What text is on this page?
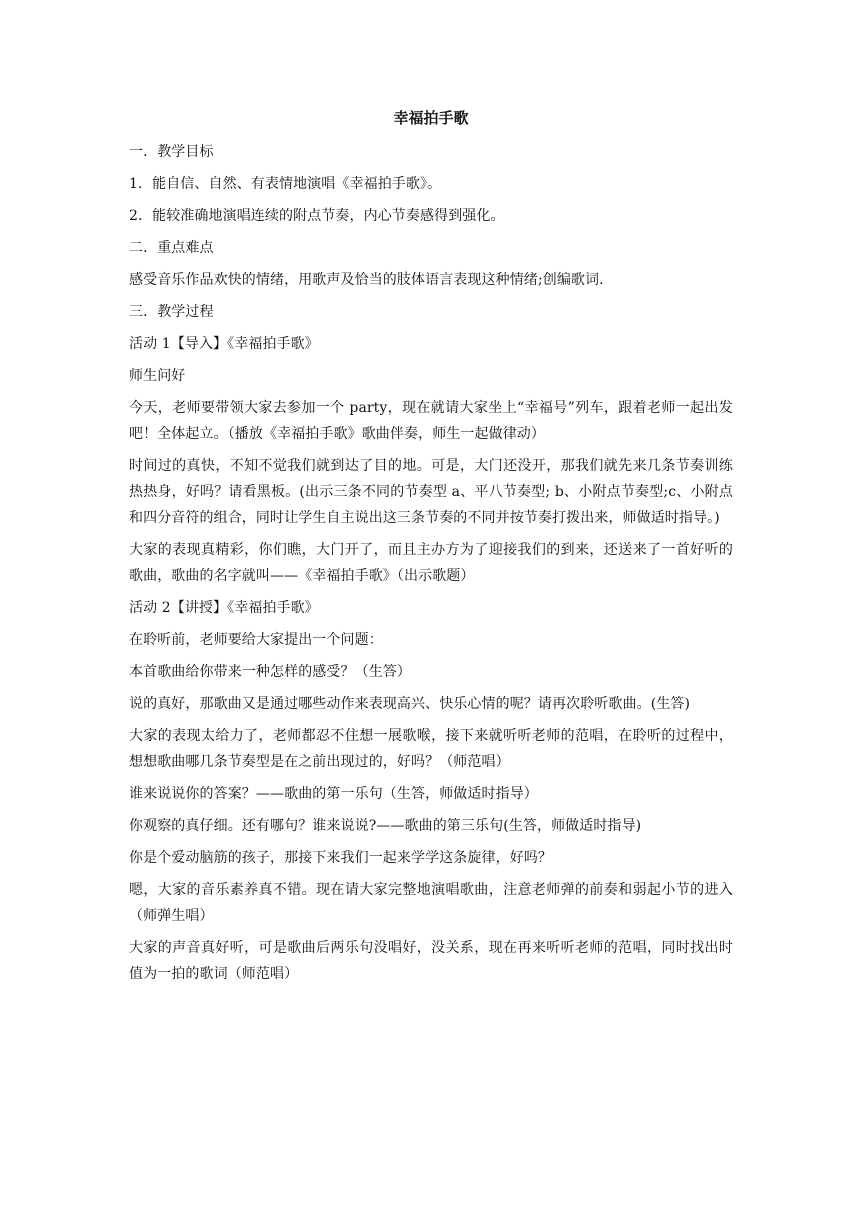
幸福拍手歌
一．教学目标
1．能自信、自然、有表情地演唱《幸福拍手歌》。
2．能较准确地演唱连续的附点节奏，内心节奏感得到强化。
二．重点难点
感受音乐作品欢快的情绪，用歌声及恰当的肢体语言表现这种情绪;创编歌词.
三．教学过程
活动 1【导入】《幸福拍手歌》
师生问好
今天，老师要带领大家去参加一个 party，现在就请大家坐上“幸福号”列车，跟着老师一起出发吧！全体起立。（播放《幸福拍手歌》歌曲伴奏，师生一起做律动）
时间过的真快，不知不觉我们就到达了目的地。可是，大门还没开，那我们就先来几条节奏训练热热身，好吗？请看黑板。(出示三条不同的节奏型 a、平八节奏型; b、小附点节奏型;c、小附点和四分音符的组合，同时让学生自主说出这三条节奏的不同并按节奏打拨出来，师做适时指导。)
大家的表现真精彩，你们瞧，大门开了，而且主办方为了迎接我们的到来，还送来了一首好听的歌曲，歌曲的名字就叫——《幸福拍手歌》（出示歌题）
活动 2【讲授】《幸福拍手歌》
在聆听前，老师要给大家提出一个问题：
本首歌曲给你带来一种怎样的感受？（生答）
说的真好，那歌曲又是通过哪些动作来表现高兴、快乐心情的呢？请再次聆听歌曲。(生答)
大家的表现太给力了，老师都忍不住想一展歌喉，接下来就听听老师的范唱，在聆听的过程中，想想歌曲哪几条节奏型是在之前出现过的，好吗？（师范唱）
谁来说说你的答案？——歌曲的第一乐句（生答，师做适时指导）
你观察的真仔细。还有哪句？谁来说说?——歌曲的第三乐句(生答，师做适时指导)
你是个爱动脑筋的孩子，那接下来我们一起来学学这条旋律，好吗？
嗯，大家的音乐素养真不错。现在请大家完整地演唱歌曲，注意老师弹的前奏和弱起小节的进入（师弹生唱）
大家的声音真好听，可是歌曲后两乐句没唱好，没关系，现在再来听听老师的范唱，同时找出时值为一拍的歌词（师范唱）
